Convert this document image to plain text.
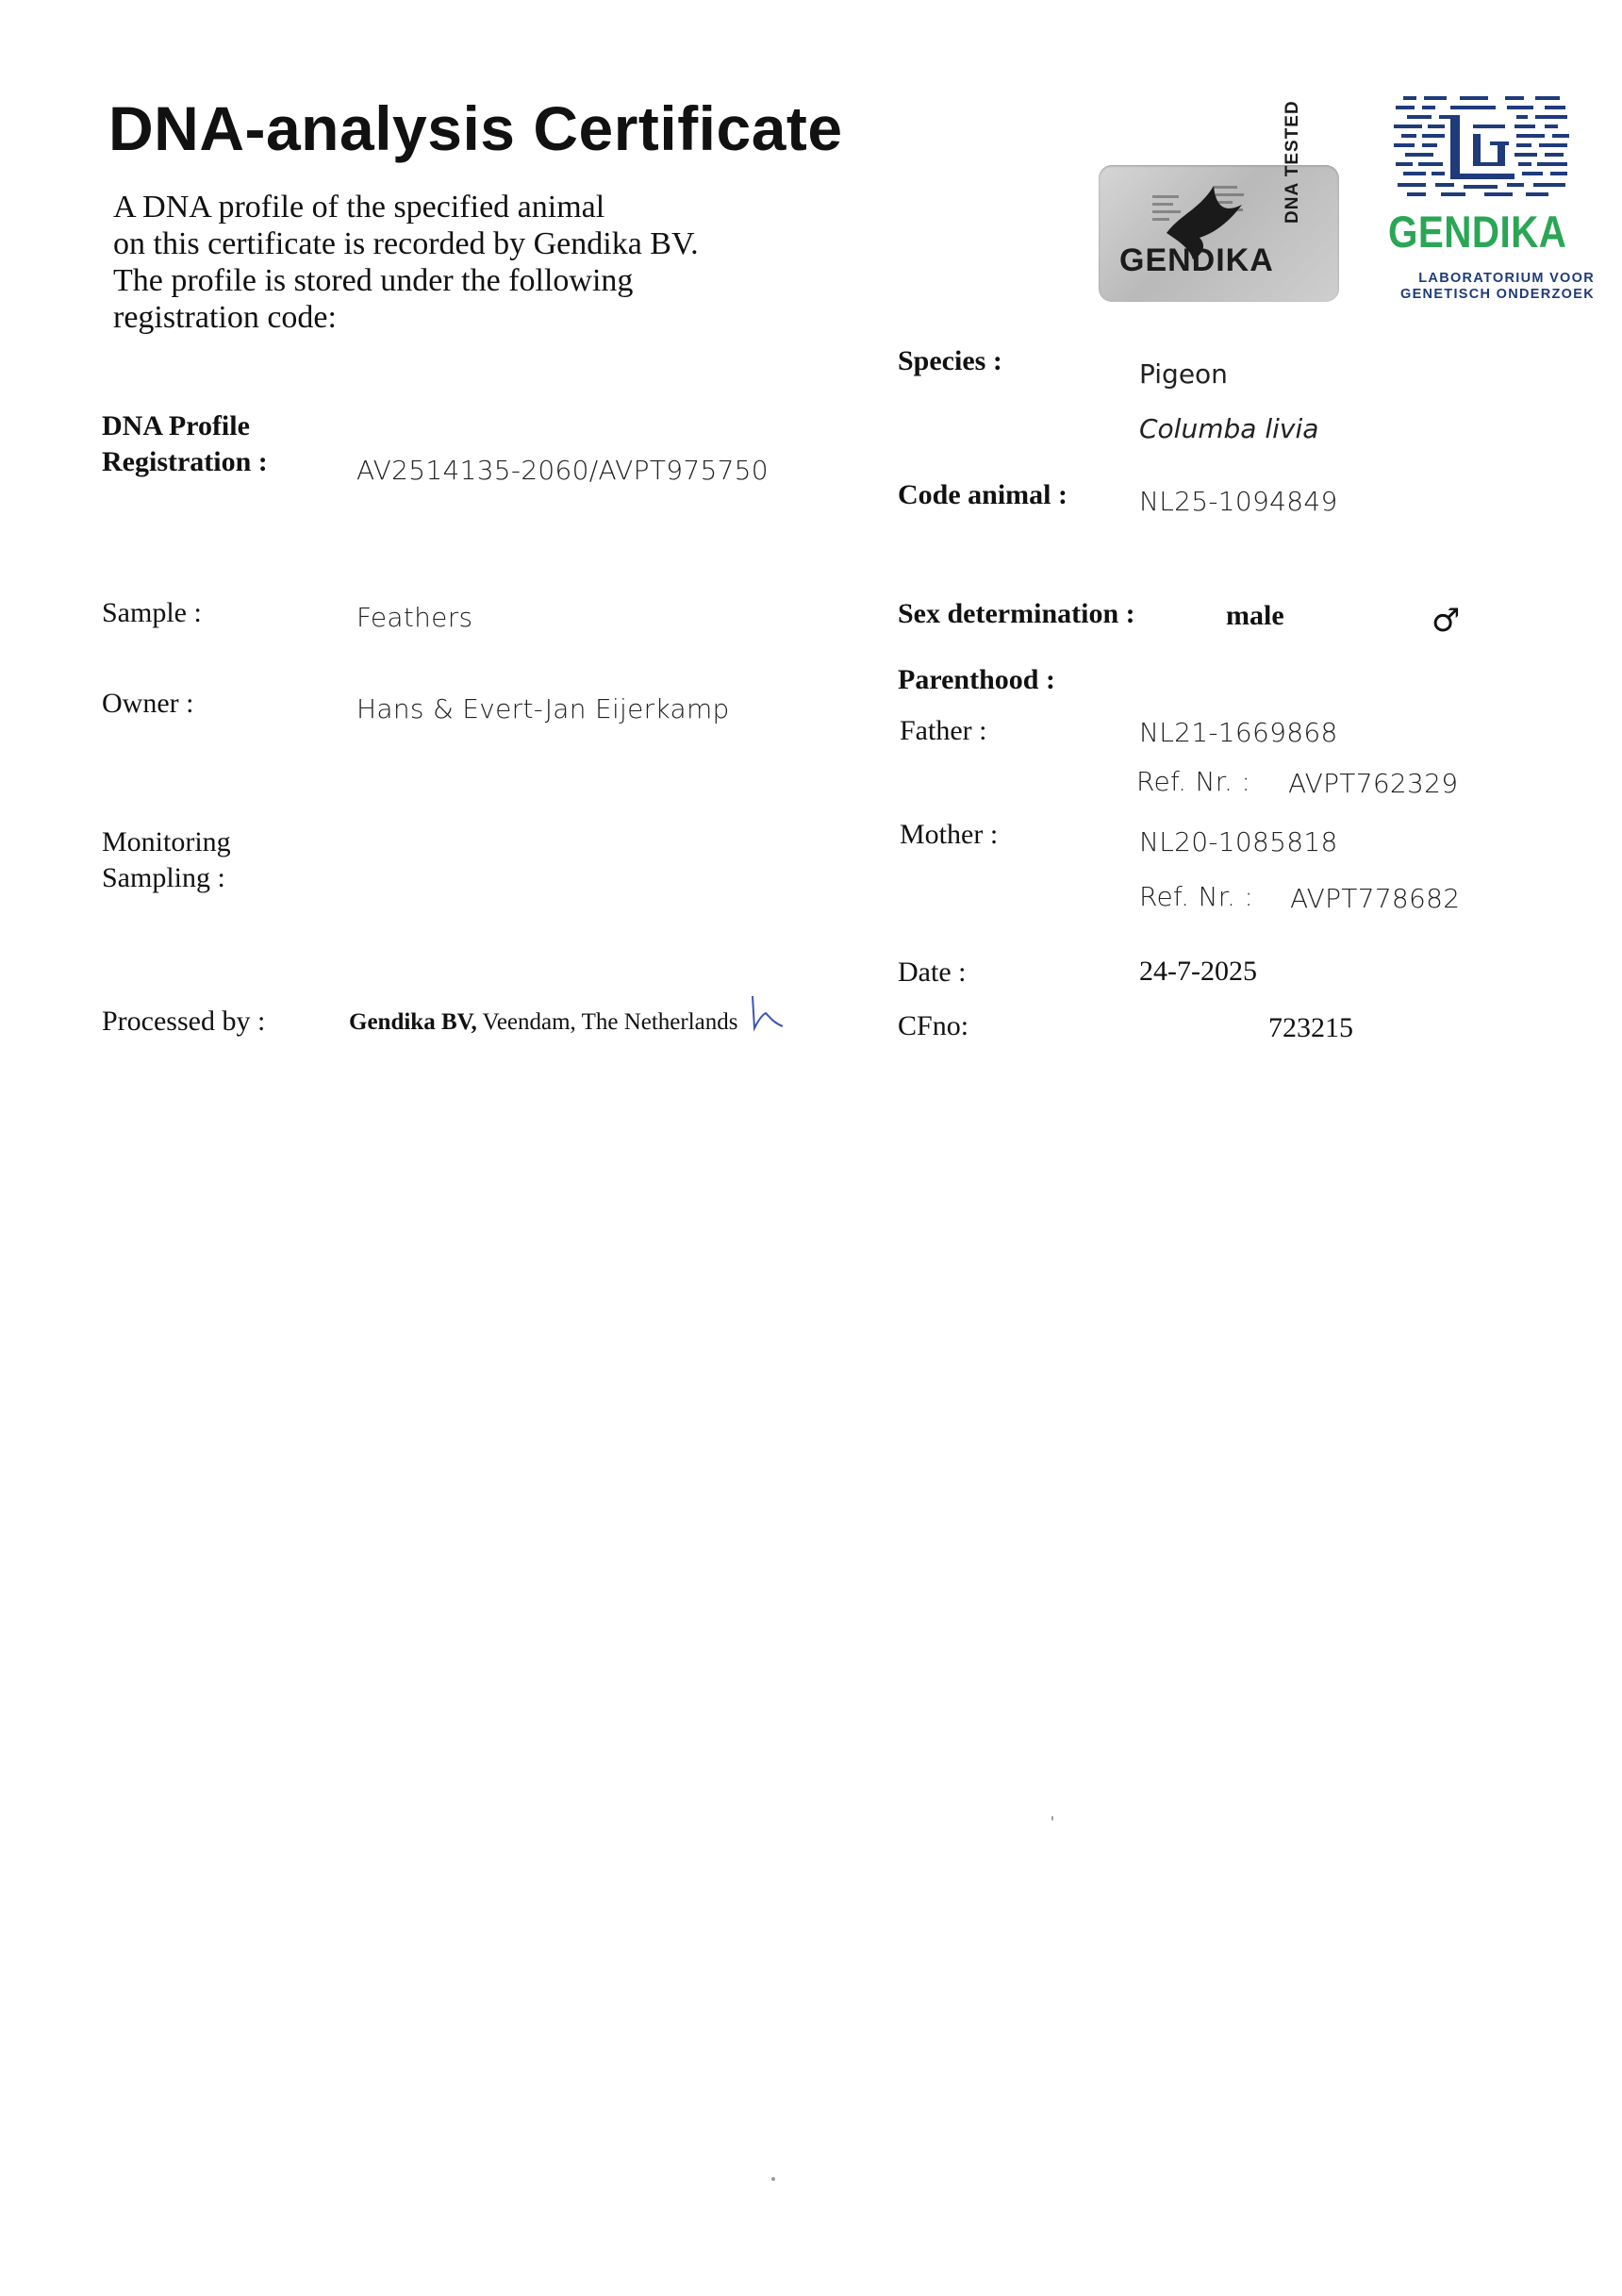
DNA-analysis Certificate
A DNA profile of the specified animal
on this certificate is recorded by Gendika BV.
The profile is stored under the following
registration code:
GENDIKA
DNA TESTED
GENDIKA
LABORATORIUM VOOR
GENETISCH ONDERZOEK
DNA Profile
Registration :	AV2514135-2060/AVPT975750
Sample :	Feathers
Owner :	Hans & Evert-Jan Eijerkamp
Monitoring
Sampling :
Processed by :	Gendika BV, Veendam, The Netherlands
Species :	Pigeon
Columba livia
Code animal :	NL25-1094849
Sex determination :	male	♂
Parenthood :
Father :	NL21-1669868
Ref. Nr. : AVPT762329
Mother :	NL20-1085818
Ref. Nr. : AVPT778682
Date :	24-7-2025
CFno:	723215
